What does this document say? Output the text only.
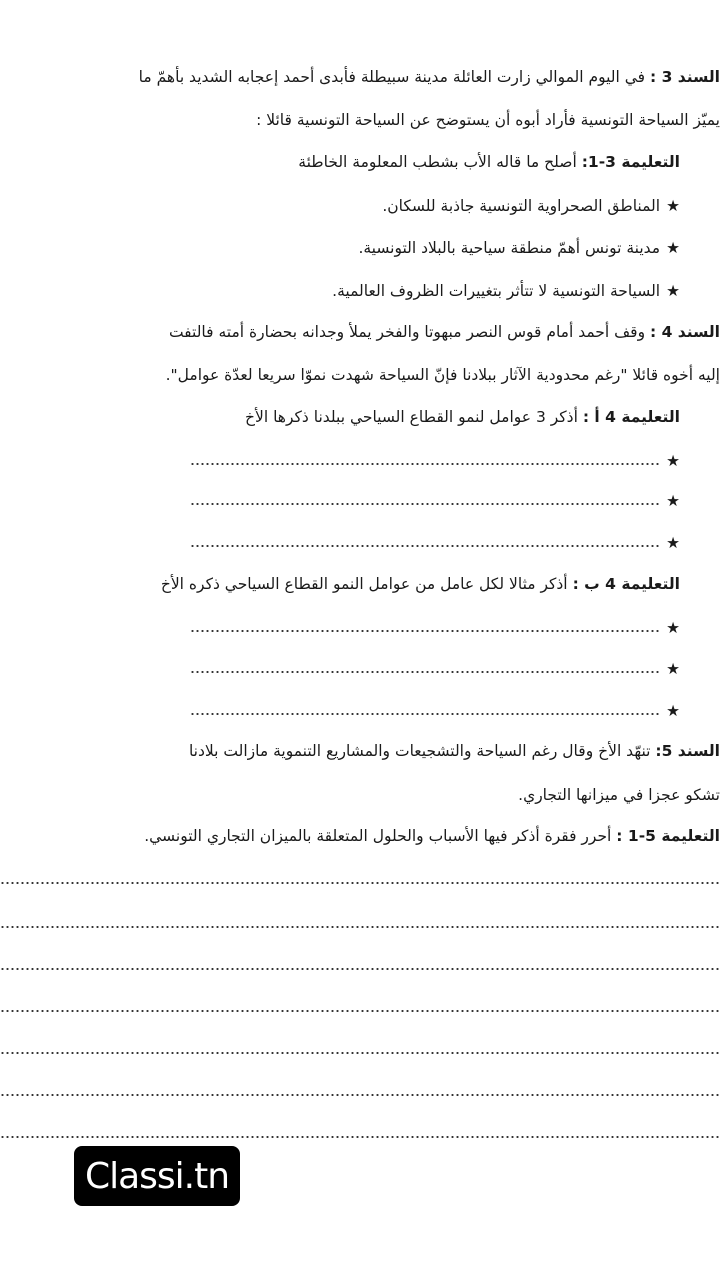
السند 3 : في اليوم الموالي زارت العائلة مدينة سبيطلة فأبدى أحمد إعجابه الشديد بأهمّ ما
يميّز السياحة التونسية فأراد أبوه أن يستوضح عن السياحة التونسية قائلا :
التعليمة 3-1: أصلح ما قاله الأب بشطب المعلومة الخاطئة
★المناطق الصحراوية التونسية جاذبة للسكان.
★مدينة تونس أهمّ منطقة سياحية بالبلاد التونسية.
★السياحة التونسية لا تتأثر بتغييرات الظروف العالمية.
السند 4 : وقف أحمد أمام قوس النصر مبهوتا والفخر يملأ وجدانه بحضارة أمته فالتفت
إليه أخوه قائلا "رغم محدودية الآثار ببلادنا فإنّ السياحة شهدت نموّا سريعا لعدّة عوامل".
التعليمة 4 أ : أذكر 3 عوامل لنمو القطاع السياحي ببلدنا ذكرها الأخ
★
★
★
التعليمة 4 ب : أذكر مثالا لكل عامل من عوامل النمو القطاع السياحي ذكره الأخ
★
★
★
السند 5: تنهّد الأخ وقال رغم السياحة والتشجيعات والمشاريع التنموية مازالت بلادنا
تشكو عجزا في ميزانها التجاري.
التعليمة 5-1 : أحرر فقرة أذكر فيها الأسباب والحلول المتعلقة بالميزان التجاري التونسي.
Classi.tn
